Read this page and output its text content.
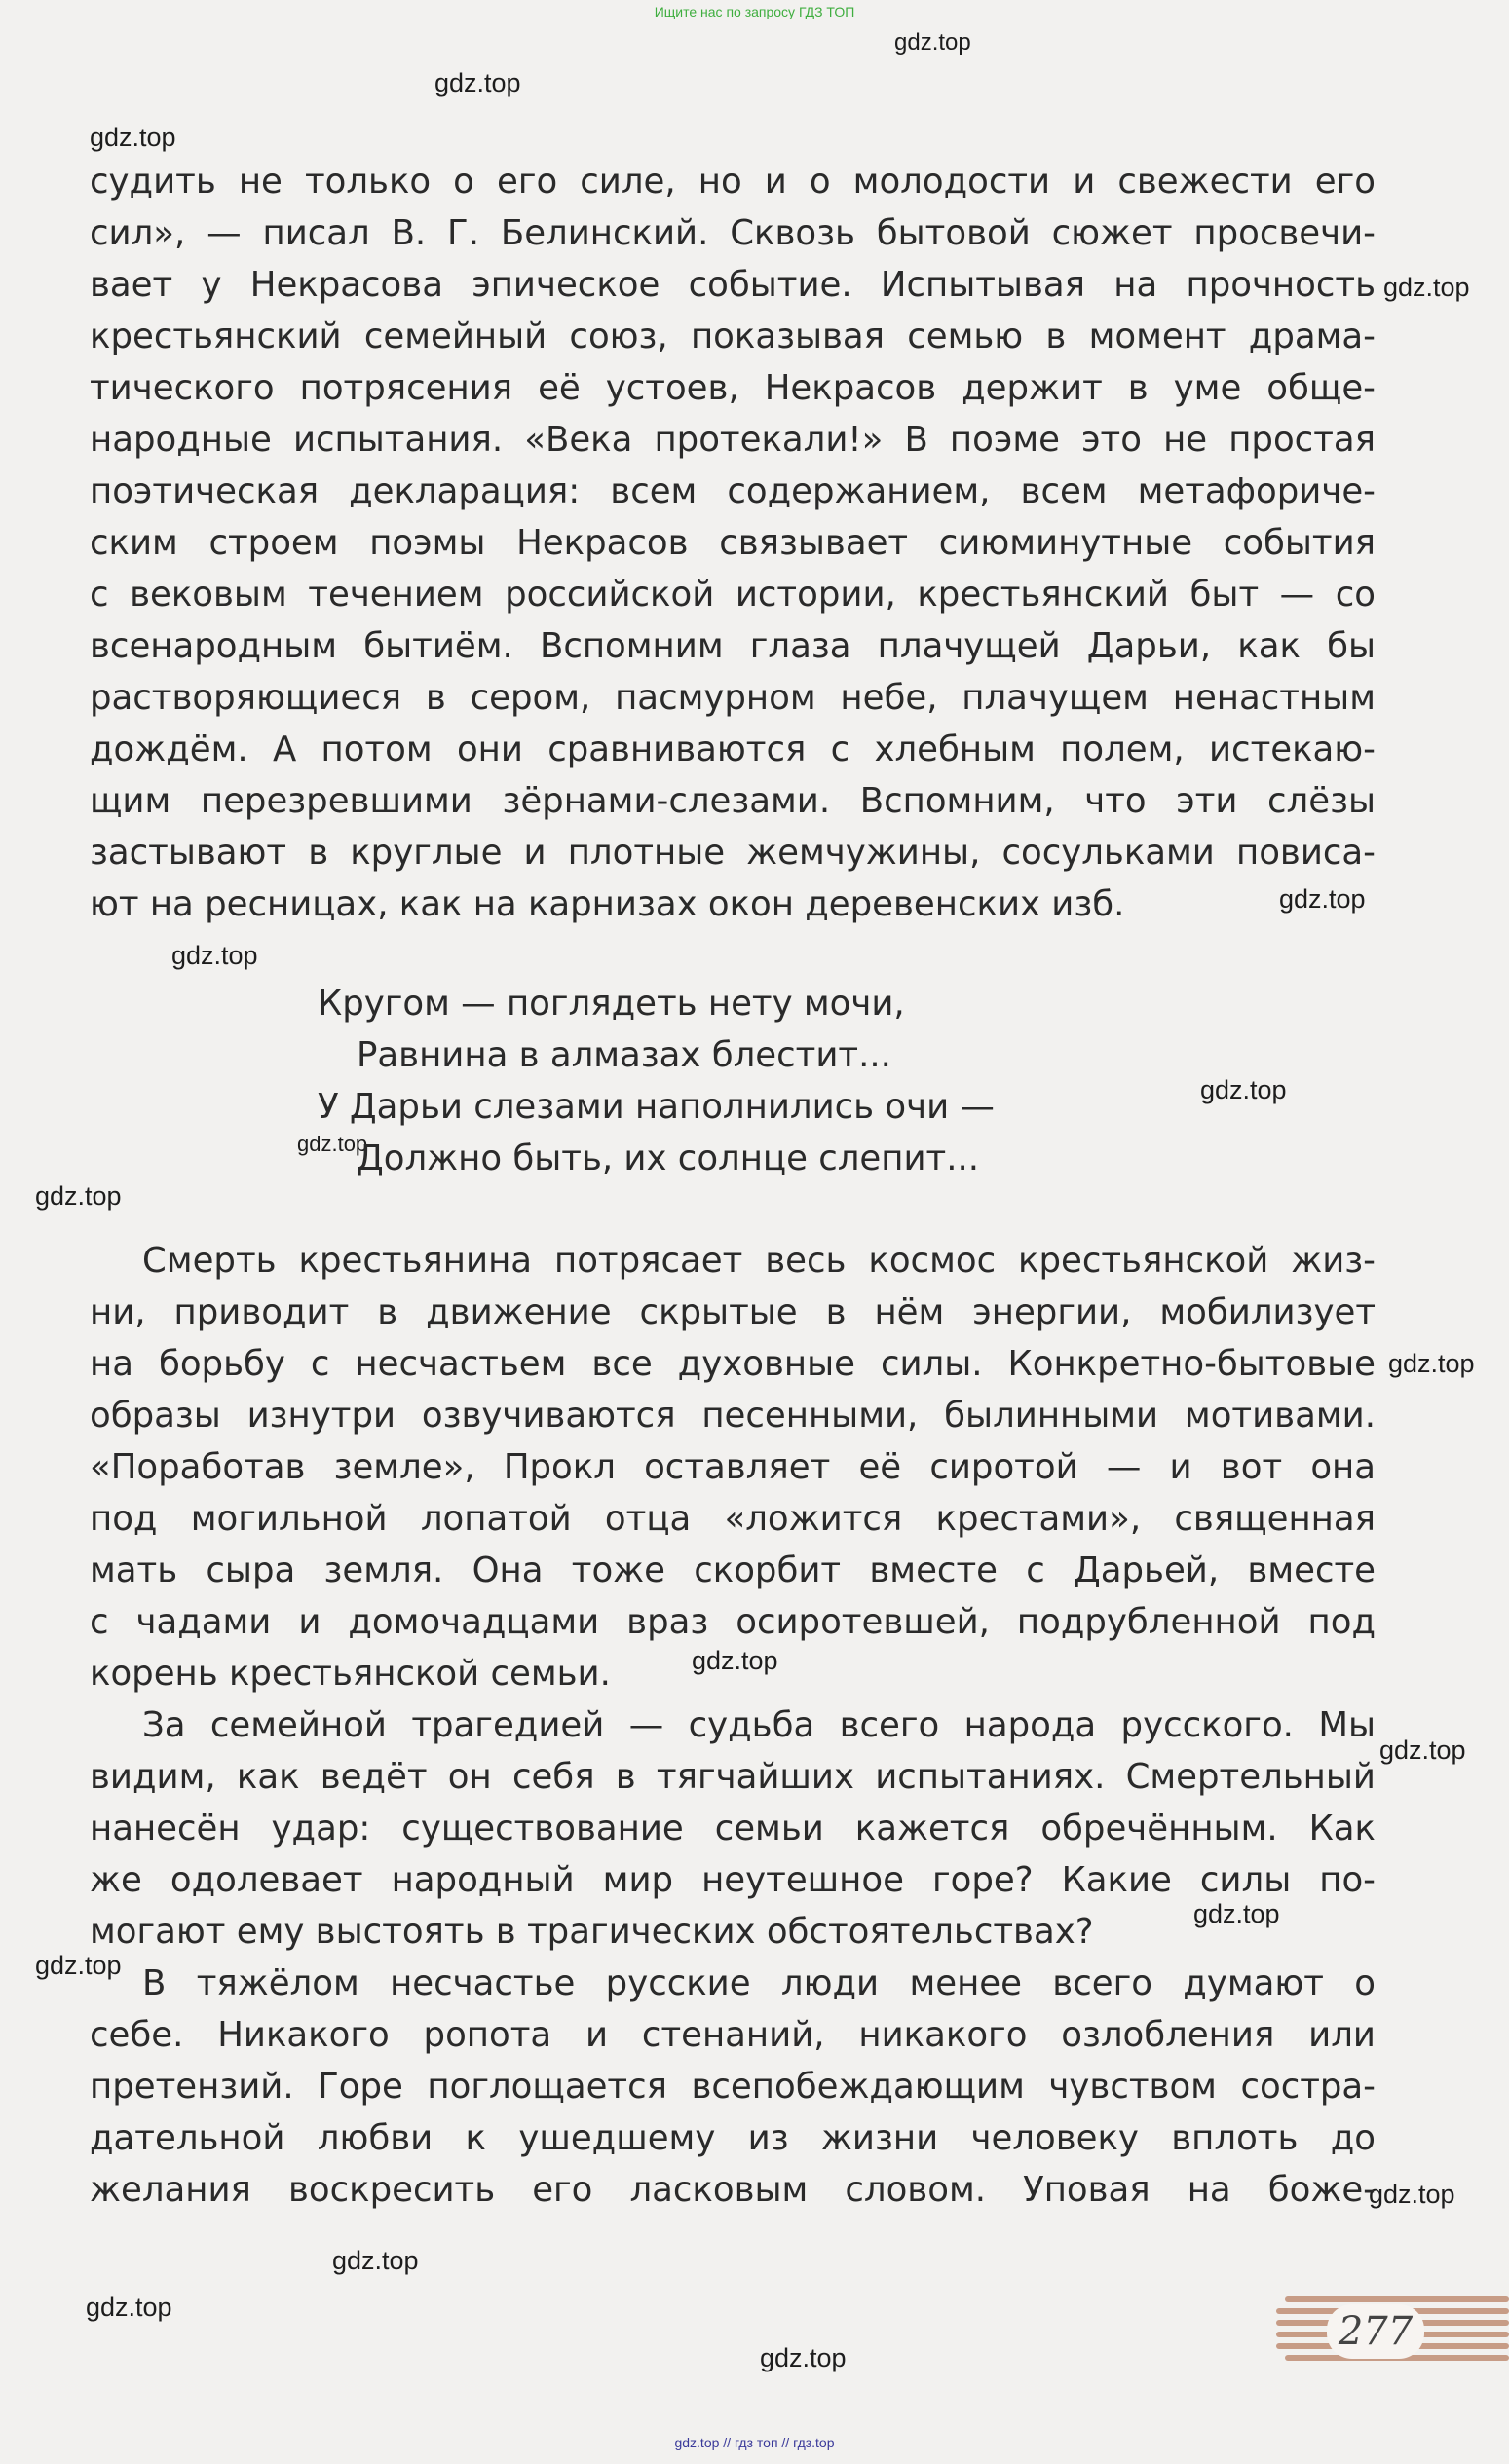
Ищите нас по запросу ГДЗ ТОП
gdz.top
gdz.top
gdz.top
gdz.top
gdz.top
gdz.top
gdz.top
gdz.top
gdz.top
gdz.top
gdz.top
gdz.top
gdz.top
gdz.top
gdz.top
gdz.top
gdz.top
gdz.top
судить не только о его силе, но и о молодости и свежести его
сил», — писал В. Г. Белинский. Сквозь бытовой сюжет просвечи-
вает у Некрасова эпическое событие. Испытывая на прочность
крестьянский семейный союз, показывая семью в момент драма-
тического потрясения её устоев, Некрасов держит в уме обще-
народные испытания. «Века протекали!» В поэме это не простая
поэтическая декларация: всем содержанием, всем метафориче-
ским строем поэмы Некрасов связывает сиюминутные события
с вековым течением российской истории, крестьянский быт — со
всенародным бытиём. Вспомним глаза плачущей Дарьи, как бы
растворяющиеся в сером, пасмурном небе, плачущем ненастным
дождём. А потом они сравниваются с хлебным полем, истекаю-
щим перезревшими зёрнами-слезами. Вспомним, что эти слёзы
застывают в круглые и плотные жемчужины, сосульками повиса-
ют на ресницах, как на карнизах окон деревенских изб.
Кругом — поглядеть нету мочи,
Равнина в алмазах блестит...
У Дарьи слезами наполнились очи —
Должно быть, их солнце слепит...
Смерть крестьянина потрясает весь космос крестьянской жиз-
ни, приводит в движение скрытые в нём энергии, мобилизует
на борьбу с несчастьем все духовные силы. Конкретно-бытовые
образы изнутри озвучиваются песенными, былинными мотивами.
«Поработав земле», Прокл оставляет её сиротой — и вот она
под могильной лопатой отца «ложится крестами», священная
мать сыра земля. Она тоже скорбит вместе с Дарьей, вместе
с чадами и домочадцами враз осиротевшей, подрубленной под
корень крестьянской семьи.
За семейной трагедией — судьба всего народа русского. Мы
видим, как ведёт он себя в тягчайших испытаниях. Смертельный
нанесён удар: существование семьи кажется обречённым. Как
же одолевает народный мир неутешное горе? Какие силы по-
могают ему выстоять в трагических обстоятельствах?
В тяжёлом несчастье русские люди менее всего думают о
себе. Никакого ропота и стенаний, никакого озлобления или
претензий. Горе поглощается всепобеждающим чувством состра-
дательной любви к ушедшему из жизни человеку вплоть до
желания воскресить его ласковым словом. Уповая на боже-
277
gdz.top // гдз топ // гдз.top
